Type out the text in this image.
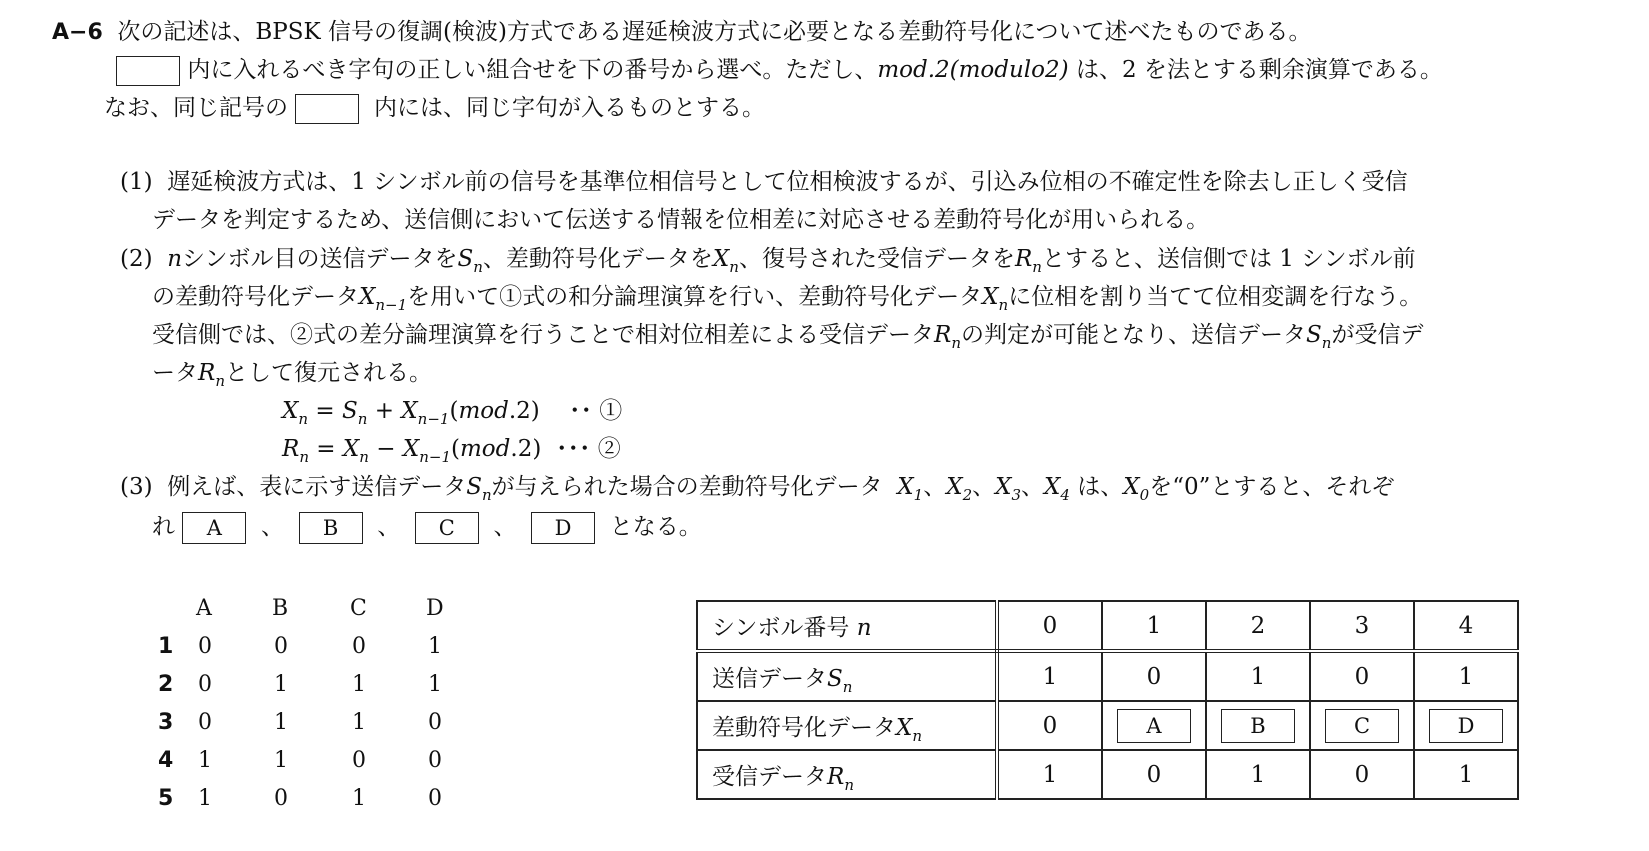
A−6 次の記述は、BPSK 信号の復調(検波)方式である遅延検波方式に必要となる差動符号化について述べたものである。
内に入れるべき字句の正しい組合せを下の番号から選べ。ただし、mod.2(modulo2) は、2 を法とする剰余演算である。
なお、同じ記号の	内には、同じ字句が入るものとする。
(1) 遅延検波方式は、1 シンボル前の信号を基準位相信号として位相検波するが、引込み位相の不確定性を除去し正しく受信
データを判定するため、送信側において伝送する情報を位相差に対応させる差動符号化が用いられる。
(2) nシンボル目の送信データを$S_n$、差動符号化データを$X_n$、復号された受信データを$R_n$とすると、送信側では 1 シンボル前
の差動符号化データ$X_{n-1}$を用いて①式の和分論理演算を行い、差動符号化データ$X_n$に位相を割り当てて位相変調を行なう。
受信側では、②式の差分論理演算を行うことで相対位相差による受信データ$R_n$の判定が可能となり、送信データ$S_n$が受信デ
ータ$R_n$として復元される。
$X_n = S_n + X_{n-1}(mod.2)$    ･･ ①
$R_n = X_n - X_{n-1}(mod.2)$  ･･･ ②
(3) 例えば、表に示す送信データ$S_n$が与えられた場合の差動符号化データ $X_1$、$X_2$、$X_3$、$X_4$ は、$X_0$を“0”とすると、それぞ
れ A 、 B 、 C 、 D となる。
A	B	C	D
1 0	0	0	1
2 0	1	1	1
3 0	1	1	0
4 1	1	0	0
5 1	0	1	0
シンボル番号 n	0	1	2	3	4
送信データ$S_n$	1	0	1	0	1
差動符号化データ$X_n$	0	A	B	C	D
受信データ$R_n$	1	0	1	0	1
